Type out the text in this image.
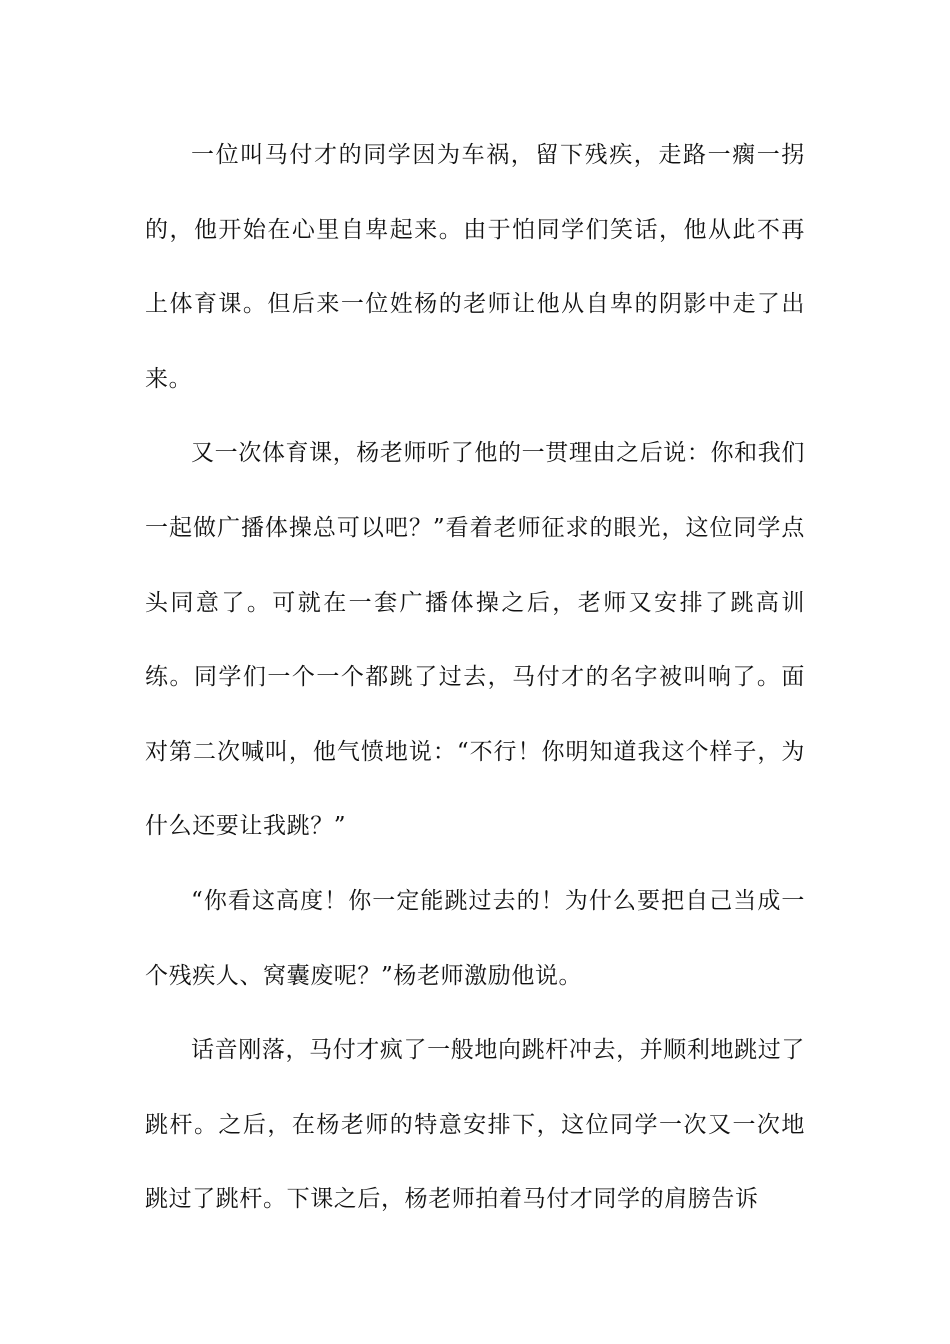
一位叫马付才的同学因为车祸，留下残疾，走路一瘸一拐的，他开始在心里自卑起来。由于怕同学们笑话，他从此不再上体育课。但后来一位姓杨的老师让他从自卑的阴影中走了出来。

又一次体育课，杨老师听了他的一贯理由之后说：你和我们一起做广播体操总可以吧？”看着老师征求的眼光，这位同学点头同意了。可就在一套广播体操之后，老师又安排了跳高训练。同学们一个一个都跳了过去，马付才的名字被叫响了。面对第二次喊叫，他气愤地说：“不行！你明知道我这个样子，为什么还要让我跳？”

“你看这高度！你一定能跳过去的！为什么要把自己当成一个残疾人、窝囊废呢？”杨老师激励他说。

话音刚落，马付才疯了一般地向跳杆冲去，并顺利地跳过了跳杆。之后，在杨老师的特意安排下，这位同学一次又一次地跳过了跳杆。下课之后，杨老师拍着马付才同学的肩膀告诉
